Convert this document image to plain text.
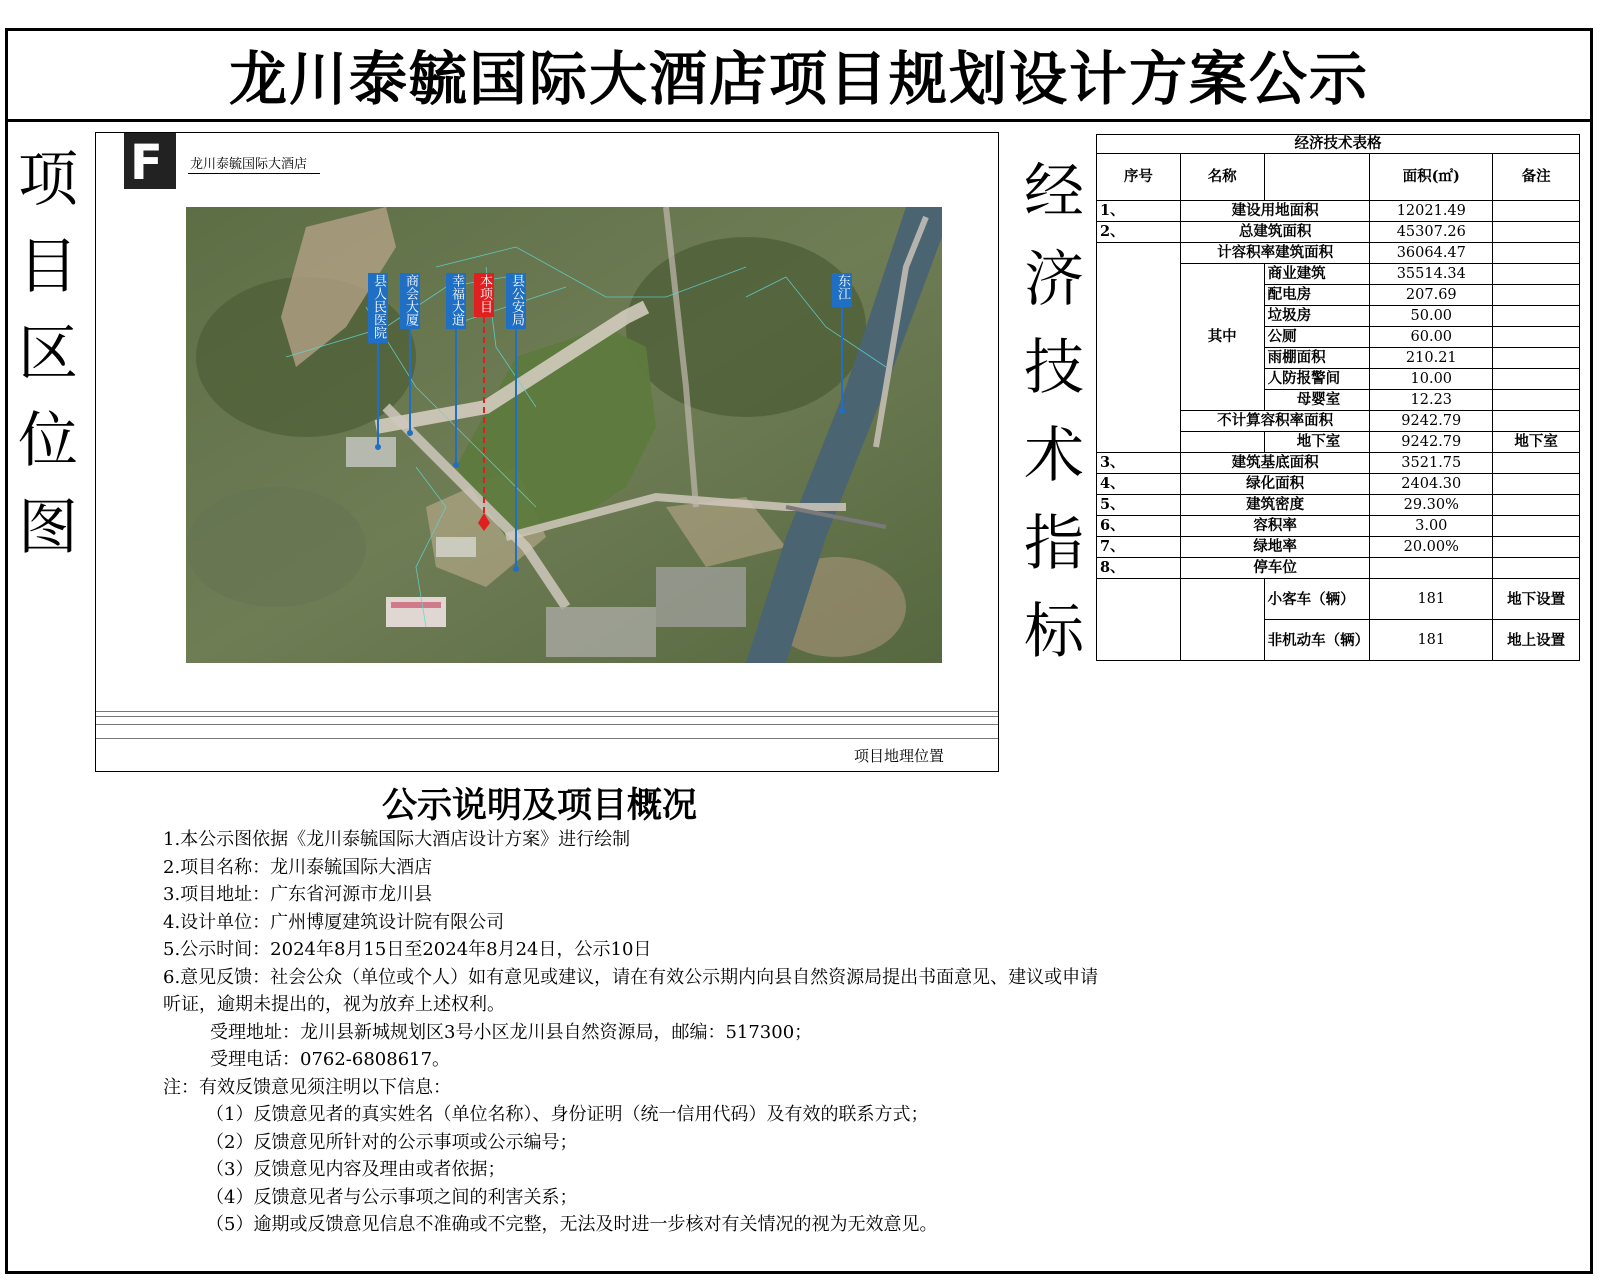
龙川泰毓国际大酒店项目规划设计方案公示
项
目
区
位
图
经
济
技
术
指
标
F 龙川泰毓国际大酒店
县人民医院 商会大厦 幸福大道 本项目 县公安局	东江
项目地理位置
经济技术表格				
序号	名称		面积(㎡)	备注
1、	建设用地面积		12021.49	
2、	总建筑面积		45307.26	
	计容积率建筑面积		36064.47	
	其中	商业建筑	35514.34	
		配电房	207.69	
		垃圾房	50.00	
		公厕	60.00	
		雨棚面积	210.21	
		人防报警间	10.00	
		母婴室	12.23	
	不计算容积率面积		9242.79	
		地下室	9242.79	地下室
3、	建筑基底面积		3521.75	
4、	绿化面积		2404.30	
5、	建筑密度		29.30%	
6、	容积率		3.00	
7、	绿地率		20.00%	
8、	停车位			
		小客车（辆）	181	地下设置
		非机动车（辆）	181	地上设置
公示说明及项目概况
1.本公示图依据《龙川泰毓国际大酒店设计方案》进行绘制
2.项目名称：龙川泰毓国际大酒店
3.项目地址：广东省河源市龙川县
4.设计单位：广州博厦建筑设计院有限公司
5.公示时间：2024年8月15日至2024年8月24日，公示10日
6.意见反馈：社会公众（单位或个人）如有意见或建议，请在有效公示期内向县自然资源局提出书面意见、建议或申请
听证，逾期未提出的，视为放弃上述权利。
受理地址：龙川县新城规划区3号小区龙川县自然资源局，邮编：517300；
受理电话：0762-6808617。
注：有效反馈意见须注明以下信息：
（1）反馈意见者的真实姓名（单位名称）、身份证明（统一信用代码）及有效的联系方式；
（2）反馈意见所针对的公示事项或公示编号；
（3）反馈意见内容及理由或者依据；
（4）反馈意见者与公示事项之间的利害关系；
（5）逾期或反馈意见信息不准确或不完整，无法及时进一步核对有关情况的视为无效意见。
